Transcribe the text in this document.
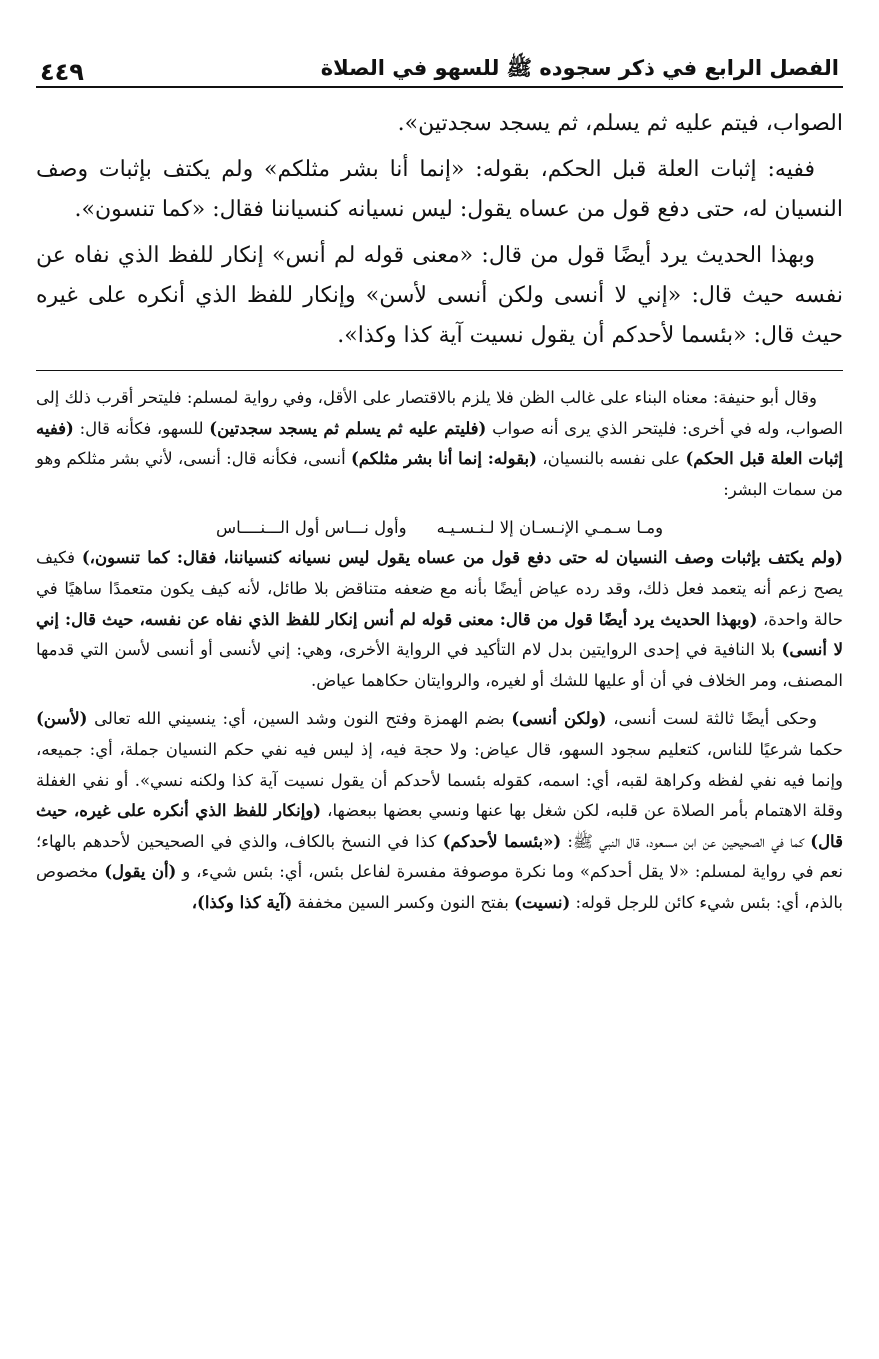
الفصل الرابع في ذكر سجوده ﷺ للسهو في الصلاة
٤٤٩

الصواب، فيتم عليه ثم يسلم، ثم يسجد سجدتين».

ففيه: إثبات العلة قبل الحكم، بقوله: «إنما أنا بشر مثلكم» ولم يكتف بإثبات وصف النسيان له، حتى دفع قول من عساه يقول: ليس نسيانه كنسياننا فقال: «كما تنسون».

وبهذا الحديث يرد أيضًا قول من قال: «معنى قوله لم أنس» إنكار للفظ الذي نفاه عن نفسه حيث قال: «إني لا أنسى ولكن أنسى لأسن» وإنكار للفظ الذي أنكره على غيره حيث قال: «بئسما لأحدكم أن يقول نسيت آية كذا وكذا».

وقال أبو حنيفة: معناه البناء على غالب الظن فلا يلزم بالاقتصار على الأقل، وفي رواية لمسلم: فليتحر أقرب ذلك إلى الصواب، وله في أخرى: فليتحر الذي يرى أنه صواب (فليتم عليه ثم يسلم ثم يسجد سجدتين) للسهو، فكأنه قال: (ففيه إثبات العلة قبل الحكم) على نفسه بالنسيان، (بقوله: إنما أنا بشر مثلكم) أنسى، فكأنه قال: أنسى، لأني بشر مثلكم وهو من سمات البشر:

ومـا سـمـي الإنـسـان إلا لـنـسـيـه
وأول نـــاس أول الـــنــــاس

(ولم يكتف بإثبات وصف النسيان له حتى دفع قول من عساه يقول ليس نسيانه كنسياننا، فقال: كما تنسون،) فكيف يصح زعم أنه يتعمد فعل ذلك، وقد رده عياض أيضًا بأنه مع ضعفه متناقض بلا طائل، لأنه كيف يكون متعمدًا ساهيًا في حالة واحدة، (وبهذا الحديث يرد أيضًا قول من قال: معنى قوله لم أنس إنكار للفظ الذي نفاه عن نفسه، حيث قال: إني لا أنسى) بلا النافية في إحدى الروايتين بدل لام التأكيد في الرواية الأخرى، وهي: إني لأنسى أو أنسى لأسن التي قدمها المصنف، ومر الخلاف في أن أو عليها للشك أو لغيره، والروايتان حكاهما عياض.

وحكى أيضًا ثالثة لست أنسى، (ولكن أنسى) بضم الهمزة وفتح النون وشد السين، أي: ينسيني الله تعالى (لأسن) حكما شرعيًا للناس، كتعليم سجود السهو، قال عياض: ولا حجة فيه، إذ ليس فيه نفي حكم النسيان جملة، أي: جميعه، وإنما فيه نفي لفظه وكراهة لقبه، أي: اسمه، كقوله بئسما لأحدكم أن يقول نسيت آية كذا ولكنه نسي». أو نفي الغفلة وقلة الاهتمام بأمر الصلاة عن قلبه، لكن شغل بها عنها ونسي بعضها ببعضها، (وإنكار للفظ الذي أنكره على غيره، حيث قال) كما في الصحيحين عن ابن مسعود، قال النبي ﷺ: («بئسما لأحدكم) كذا في النسخ بالكاف، والذي في الصحيحين لأحدهم بالهاء؛ نعم في رواية لمسلم: «لا يقل أحدكم» وما نكرة موصوفة مفسرة لفاعل بئس، أي: بئس شيء، و (أن يقول) مخصوص بالذم، أي: بئس شيء كائن للرجل قوله: (نسيت) بفتح النون وكسر السين مخففة (آية كذا وكذا)،
